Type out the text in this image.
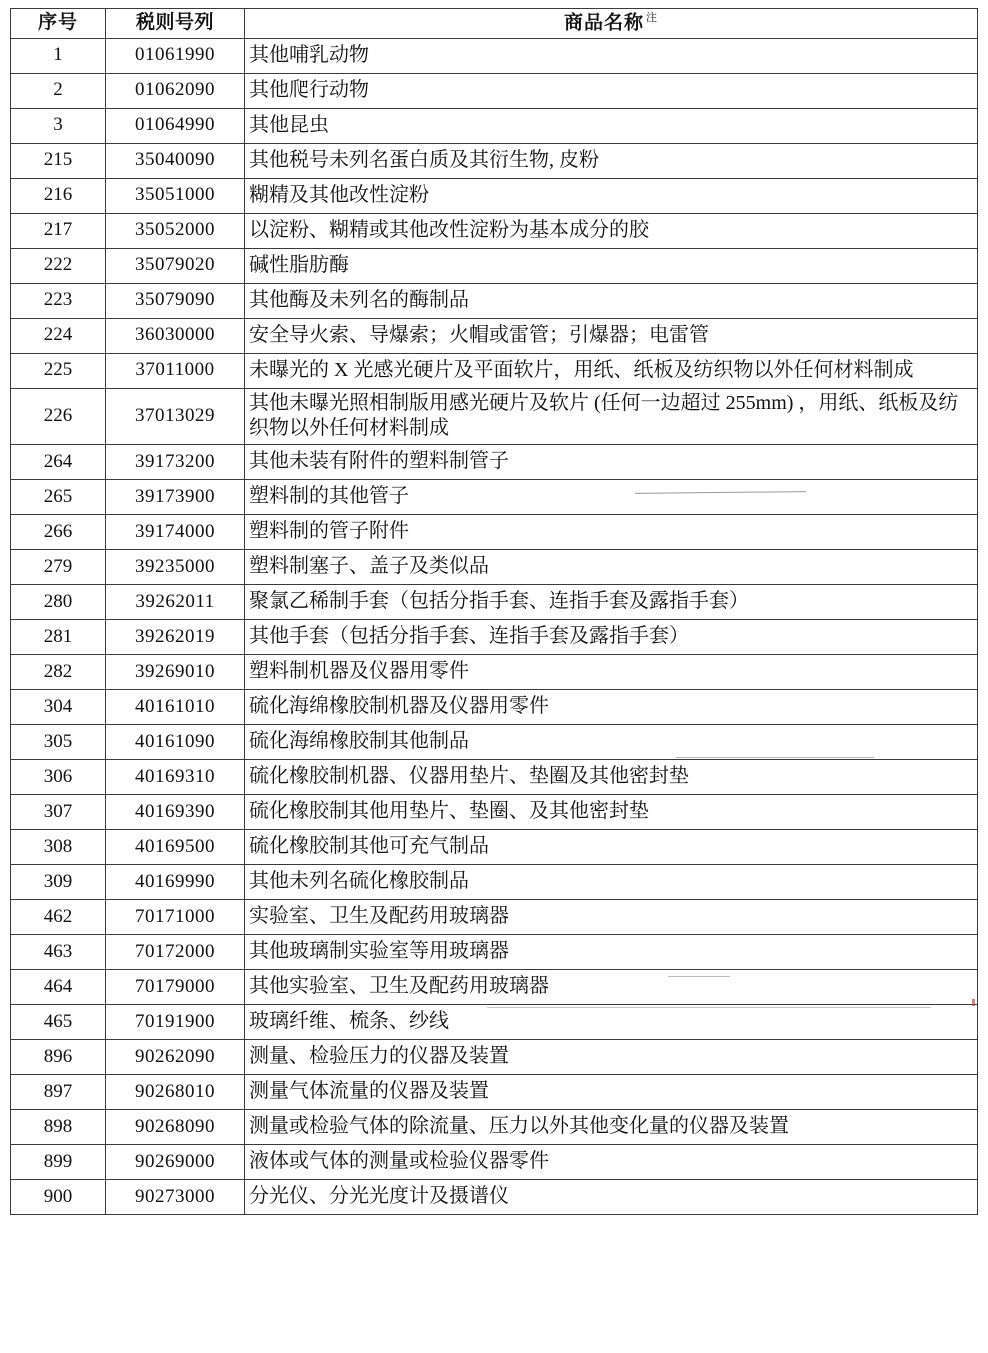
序号	税则号列	商品名称 $^注$
1	01061990	其他哺乳动物
2	01062090	其他爬行动物
3	01064990	其他昆虫
215	35040090	其他税号未列名蛋白质及其衍生物, 皮粉
216	35051000	糊精及其他改性淀粉
217	35052000	以淀粉、糊精或其他改性淀粉为基本成分的胶
222	35079020	碱性脂肪酶
223	35079090	其他酶及未列名的酶制品
224	36030000	安全导火索、导爆索；火帽或雷管；引爆器；电雷管
225	37011000	未曝光的 X 光感光硬片及平面软片，用纸、纸板及纺织物以外任何材料制成
226	37013029	其他未曝光照相制版用感光硬片及软片 (任何一边超过 255mm) ，用纸、纸板及纺织物以外任何材料制成
264	39173200	其他未装有附件的塑料制管子
265	39173900	塑料制的其他管子
266	39174000	塑料制的管子附件
279	39235000	塑料制塞子、盖子及类似品
280	39262011	聚氯乙稀制手套（包括分指手套、连指手套及露指手套）
281	39262019	其他手套（包括分指手套、连指手套及露指手套）
282	39269010	塑料制机器及仪器用零件
304	40161010	硫化海绵橡胶制机器及仪器用零件
305	40161090	硫化海绵橡胶制其他制品
306	40169310	硫化橡胶制机器、仪器用垫片、垫圈及其他密封垫
307	40169390	硫化橡胶制其他用垫片、垫圈、及其他密封垫
308	40169500	硫化橡胶制其他可充气制品
309	40169990	其他未列名硫化橡胶制品
462	70171000	实验室、卫生及配药用玻璃器
463	70172000	其他玻璃制实验室等用玻璃器
464	70179000	其他实验室、卫生及配药用玻璃器
465	70191900	玻璃纤维、梳条、纱线
896	90262090	测量、检验压力的仪器及装置
897	90268010	测量气体流量的仪器及装置
898	90268090	测量或检验气体的除流量、压力以外其他变化量的仪器及装置
899	90269000	液体或气体的测量或检验仪器零件
900	90273000	分光仪、分光光度计及摄谱仪
